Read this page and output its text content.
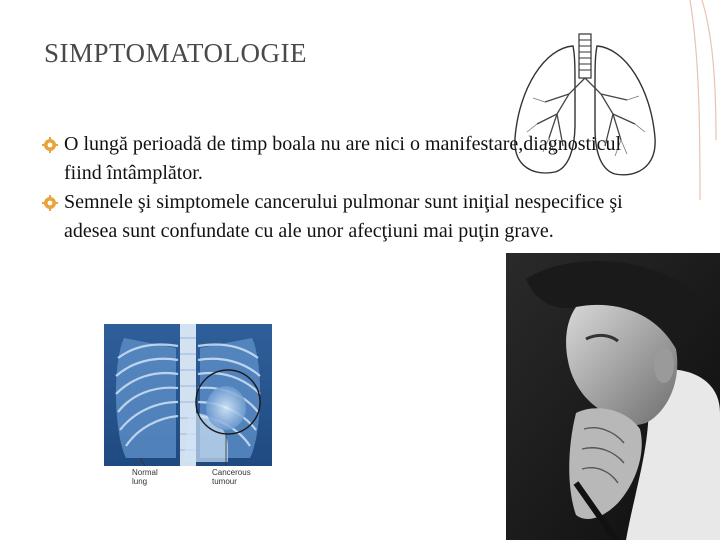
SIMPTOMATOLOGIE
O lungă perioadă de timp boala nu are nici o manifestare,diagnosticul fiind întâmplător.
Semnele şi simptomele cancerului pulmonar sunt iniţial nespecifice şi adesea sunt confundate cu ale unor afecţiuni mai puţin grave.
Normal lung
Cancerous tumour
